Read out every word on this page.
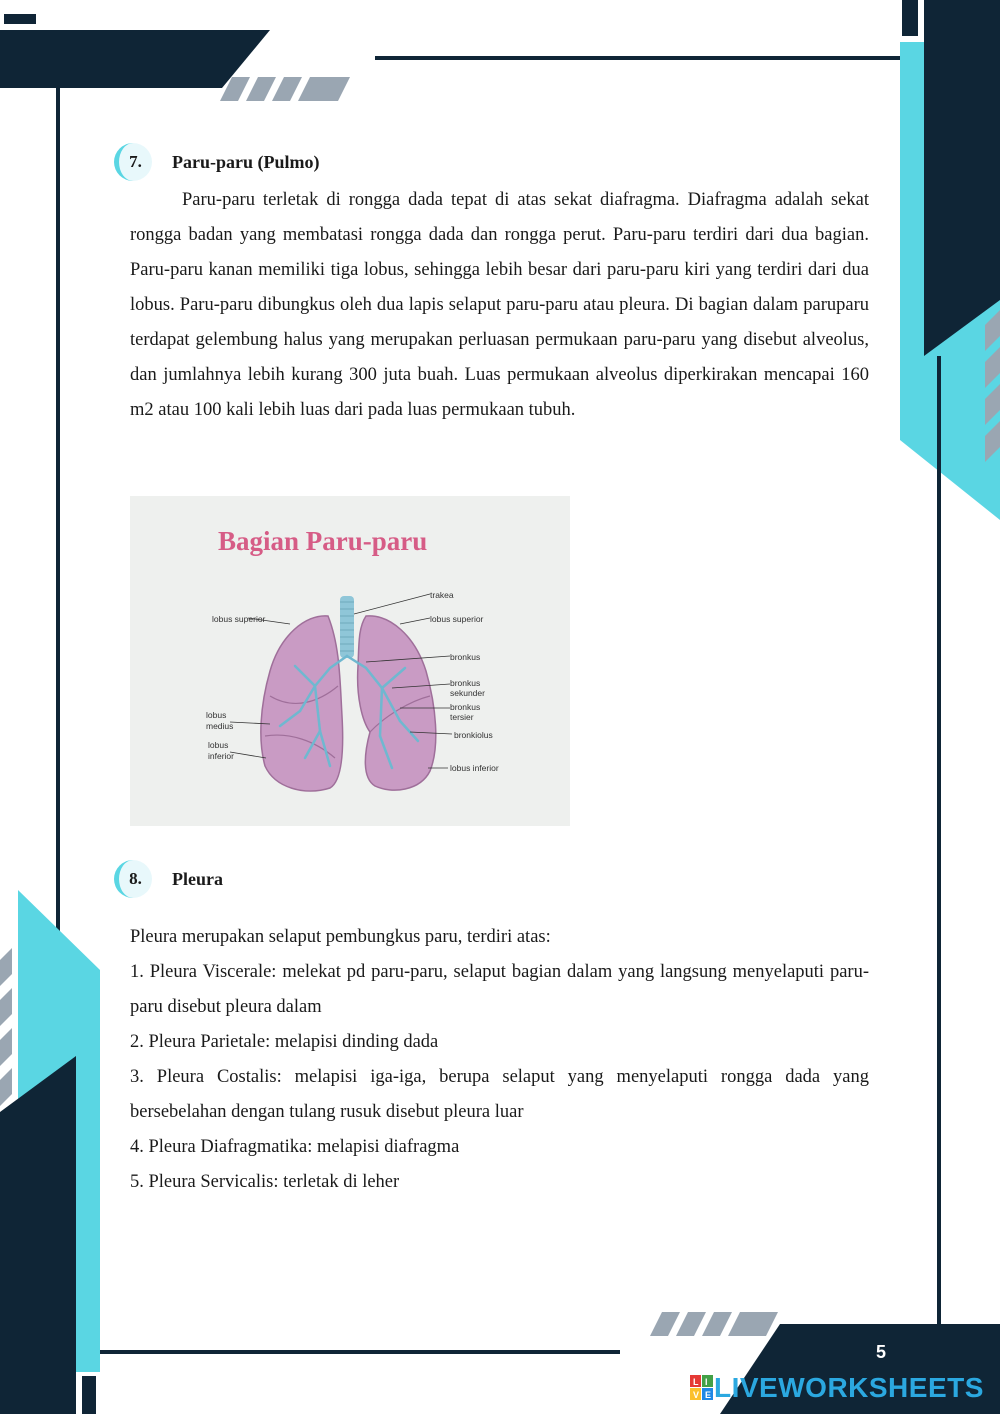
7.	Paru-paru (Pulmo)

Paru-paru terletak di rongga dada tepat di atas sekat diafragma. Diafragma adalah sekat rongga badan yang membatasi rongga dada dan rongga perut. Paru-paru terdiri dari dua bagian. Paru-paru kanan memiliki tiga lobus, sehingga lebih besar dari paru-paru kiri yang terdiri dari dua lobus. Paru-paru dibungkus oleh dua lapis selaput paru-paru atau pleura. Di bagian dalam paruparu terdapat gelembung halus yang merupakan perluasan permukaan paru-paru yang disebut alveolus, dan jumlahnya lebih kurang 300 juta buah. Luas permukaan alveolus diperkirakan mencapai 160 m2 atau 100 kali lebih luas dari pada luas permukaan tubuh.

Bagian Paru-paru
trakea
lobus superior	lobus superior
bronkus
bronkus
sekunder
bronkus
tersier
bronkiolus
lobus
medius
lobus
inferior
lobus inferior
8.	Pleura
Pleura merupakan selaput pembungkus paru, terdiri atas:
1. Pleura Viscerale: melekat pd paru-paru, selaput bagian dalam yang langsung menyelaputi paru-paru disebut pleura dalam
2. Pleura Parietale: melapisi dinding dada
3. Pleura Costalis: melapisi iga-iga, berupa selaput yang menyelaputi rongga dada yang bersebelahan dengan tulang rusuk disebut pleura luar
4. Pleura Diafragmatika: melapisi diafragma
5. Pleura Servicalis: terletak di leher
5
L I
V E LIVEWORKSHEETS
